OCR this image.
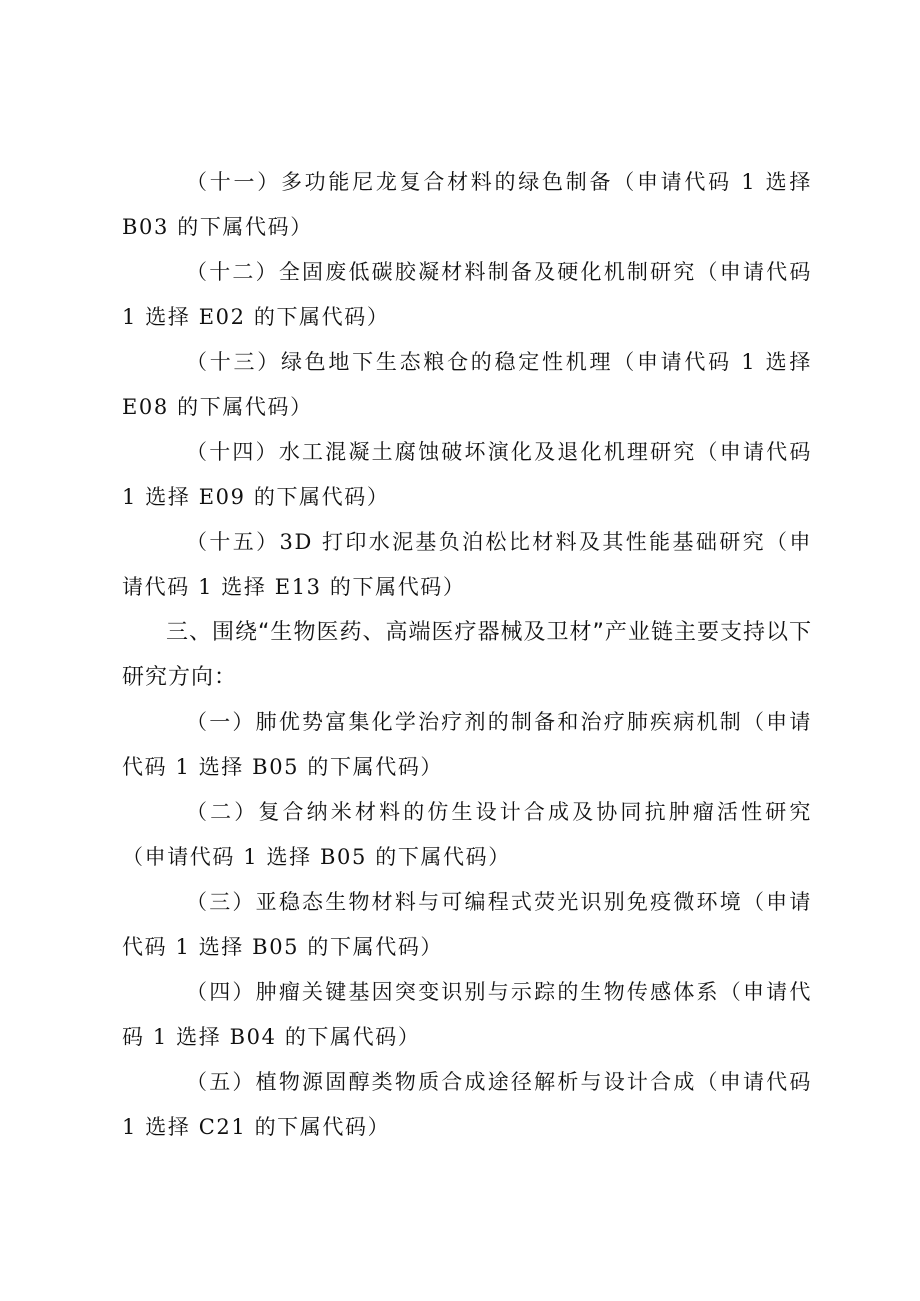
（十一）多功能尼龙复合材料的绿色制备（申请代码 1 选择 B03 的下属代码）

（十二）全固废低碳胶凝材料制备及硬化机制研究（申请代码 1 选择 E02 的下属代码）

（十三）绿色地下生态粮仓的稳定性机理（申请代码 1 选择 E08 的下属代码）

（十四）水工混凝土腐蚀破坏演化及退化机理研究（申请代码 1 选择 E09 的下属代码）

（十五）3D 打印水泥基负泊松比材料及其性能基础研究（申请代码 1 选择 E13 的下属代码）

三、围绕“生物医药、高端医疗器械及卫材”产业链主要支持以下研究方向：

（一）肺优势富集化学治疗剂的制备和治疗肺疾病机制（申请代码 1 选择 B05 的下属代码）

（二）复合纳米材料的仿生设计合成及协同抗肿瘤活性研究（申请代码 1 选择 B05 的下属代码）

（三）亚稳态生物材料与可编程式荧光识别免疫微环境（申请代码 1 选择 B05 的下属代码）

（四）肿瘤关键基因突变识别与示踪的生物传感体系（申请代码 1 选择 B04 的下属代码）

（五）植物源固醇类物质合成途径解析与设计合成（申请代码 1 选择 C21 的下属代码）
